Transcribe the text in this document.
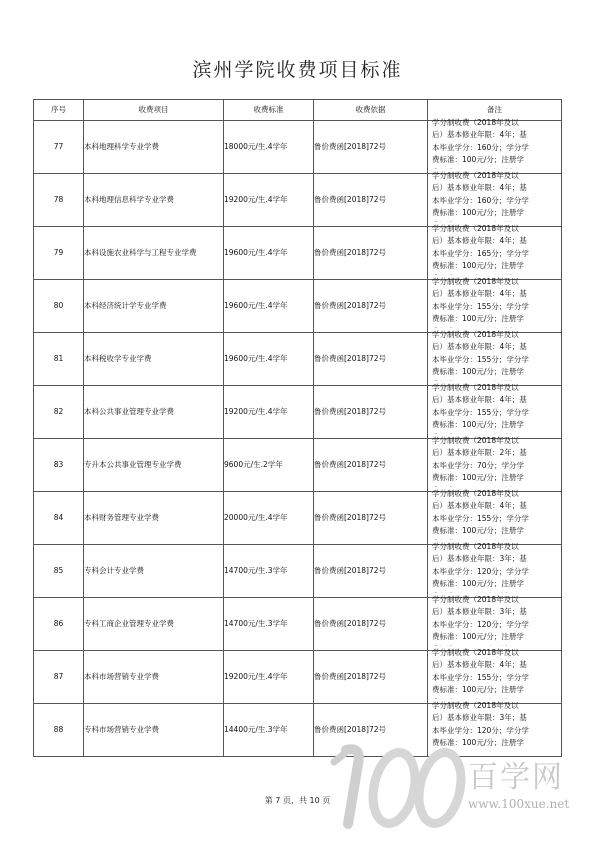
滨州学院收费项目标准
序号	收费项目	收费标准	收费依据	备注
77	本科地理科学专业学费	18000元/生.4学年	鲁价费函[2018]72号	学分制收费（2018年及以
后）基本修业年限：4年；基
本毕业学分：160分；学分学
费标准：100元/分；注册学

78	本科地理信息科学专业学费	19200元/生.4学年	鲁价费函[2018]72号	学分制收费（2018年及以
后）基本修业年限：4年；基
本毕业学分：160分；学分学
费标准：100元/分；注册学

79	本科设施农业科学与工程专业学费	19600元/生.4学年	鲁价费函[2018]72号	学分制收费（2018年及以
后）基本修业年限：4年；基
本毕业学分：165分；学分学
费标准：100元/分；注册学

80	本科经济统计学专业学费	19600元/生.4学年	鲁价费函[2018]72号	学分制收费（2018年及以
后）基本修业年限：4年；基
本毕业学分：155分；学分学
费标准：100元/分；注册学

81	本科税收学专业学费	19600元/生.4学年	鲁价费函[2018]72号	学分制收费（2018年及以
后）基本修业年限：4年；基
本毕业学分：155分；学分学
费标准：100元/分；注册学

82	本科公共事业管理专业学费	19200元/生.4学年	鲁价费函[2018]72号	学分制收费（2018年及以
后）基本修业年限：4年；基
本毕业学分：155分；学分学
费标准：100元/分；注册学

83	专升本公共事业管理专业学费	9600元/生.2学年	鲁价费函[2018]72号	学分制收费（2018年及以
后）基本修业年限：2年；基
本毕业学分：70分；学分学
费标准：100元/分；注册学

84	本科财务管理专业学费	20000元/生.4学年	鲁价费函[2018]72号	学分制收费（2018年及以
后）基本修业年限：4年；基
本毕业学分：155分；学分学
费标准：100元/分；注册学

85	专科会计专业学费	14700元/生.3学年	鲁价费函[2018]72号	学分制收费（2018年及以
后）基本修业年限：3年；基
本毕业学分：120分；学分学
费标准：100元/分；注册学

86	专科工商企业管理专业学费	14700元/生.3学年	鲁价费函[2018]72号	学分制收费（2018年及以
后）基本修业年限：3年；基
本毕业学分：120分；学分学
费标准：100元/分；注册学

87	本科市场营销专业学费	19200元/生.4学年	鲁价费函[2018]72号	学分制收费（2018年及以
后）基本修业年限：4年；基
本毕业学分：155分；学分学
费标准：100元/分；注册学

88	专科市场营销专业学费	14400元/生.3学年	鲁价费函[2018]72号	学分制收费（2018年及以
后）基本修业年限：3年；基
本毕业学分：120分；学分学
费标准：100元/分；注册学
第 7 页，共 10 页
百学网
www.100xue.net
